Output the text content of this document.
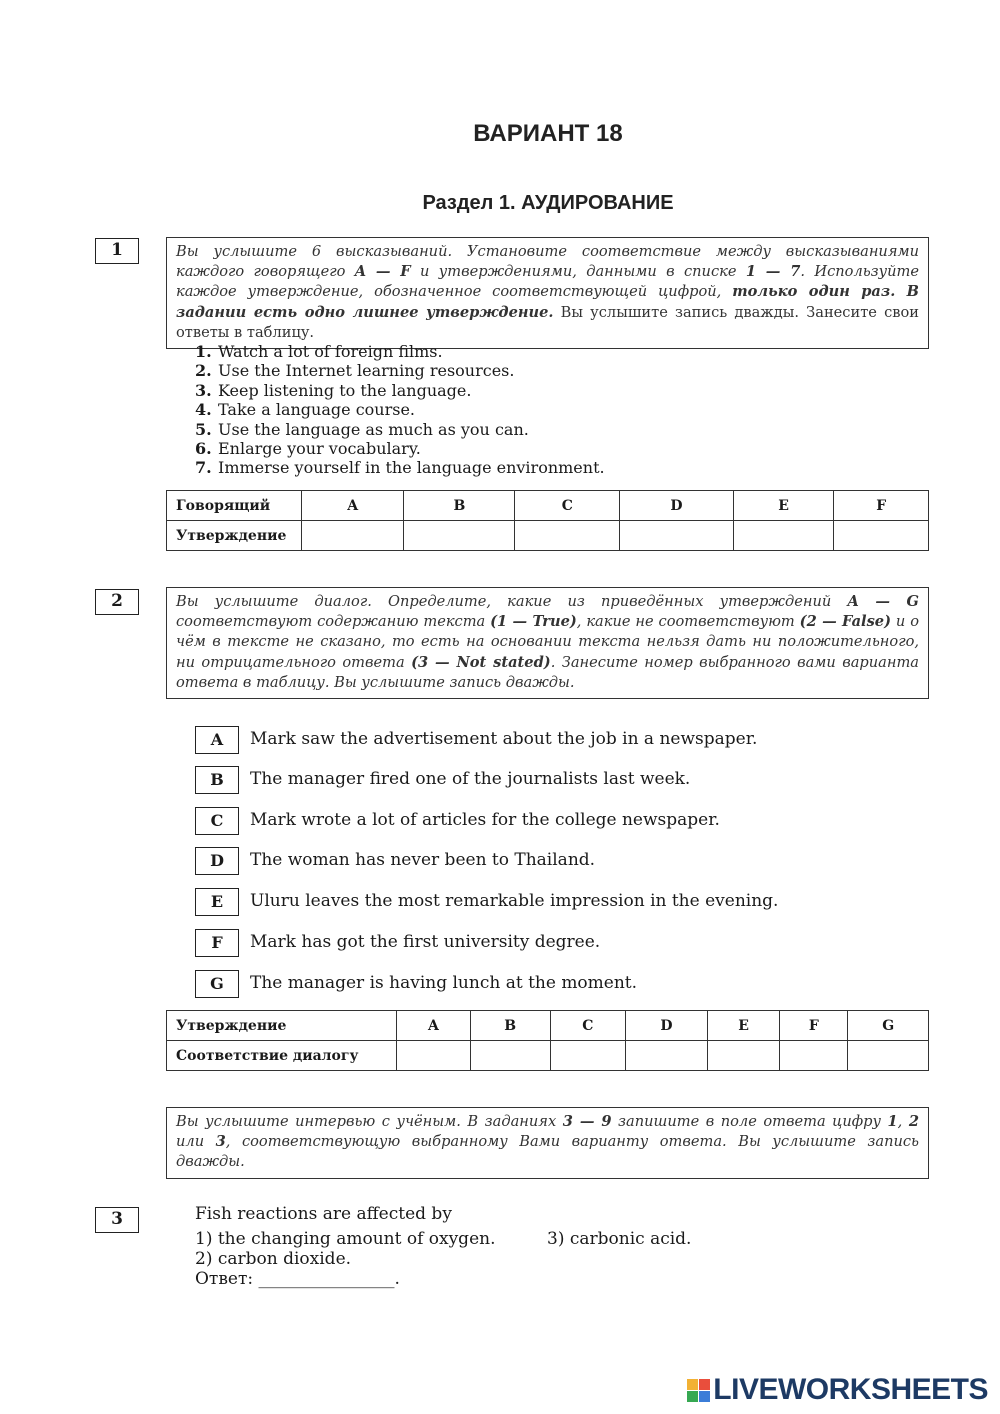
ВАРИАНТ 18
Раздел 1. АУДИРОВАНИЕ
1	Вы услышите 6 высказываний. Установите соответствие между высказываниями каждого говорящего A — F и утверждениями, данными в списке 1 — 7. Используйте каждое утверждение, обозначенное соответствующей цифрой, только один раз. В задании есть одно лишнее утверждение. Вы услышите запись дважды. Занесите свои ответы в таблицу.
1. Watch a lot of foreign films.
2. Use the Internet learning resources.
3. Keep listening to the language.
4. Take a language course.
5. Use the language as much as you can.
6. Enlarge your vocabulary.
7. Immerse yourself in the language environment.
Говорящий	A	B	C	D	E	F
Утверждение						
2	Вы услышите диалог. Определите, какие из приведённых утверждений A — G соответствуют содержанию текста (1 — True), какие не соответствуют (2 — False) и о чём в тексте не сказано, то есть на основании текста нельзя дать ни положительного, ни отрицательного ответа (3 — Not stated). Занесите номер выбранного вами варианта ответа в таблицу. Вы услышите запись дважды.
A	Mark saw the advertisement about the job in a newspaper.
B	The manager fired one of the journalists last week.
C	Mark wrote a lot of articles for the college newspaper.
D	The woman has never been to Thailand.
E	Uluru leaves the most remarkable impression in the evening.
F	Mark has got the first university degree.
G	The manager is having lunch at the moment.
Утверждение	A	B	C	D	E	F	G
Соответствие диалогу							
Вы услышите интервью с учёным. В заданиях 3 — 9 запишите в поле ответа цифру 1, 2 или 3, соответствующую выбранному Вами варианту ответа. Вы услышите запись дважды.
3	Fish reactions are affected by
1) the changing amount of oxygen.	3) carbonic acid.
2) carbon dioxide.
Ответ: ________________.
LIVEWORKSHEETS
